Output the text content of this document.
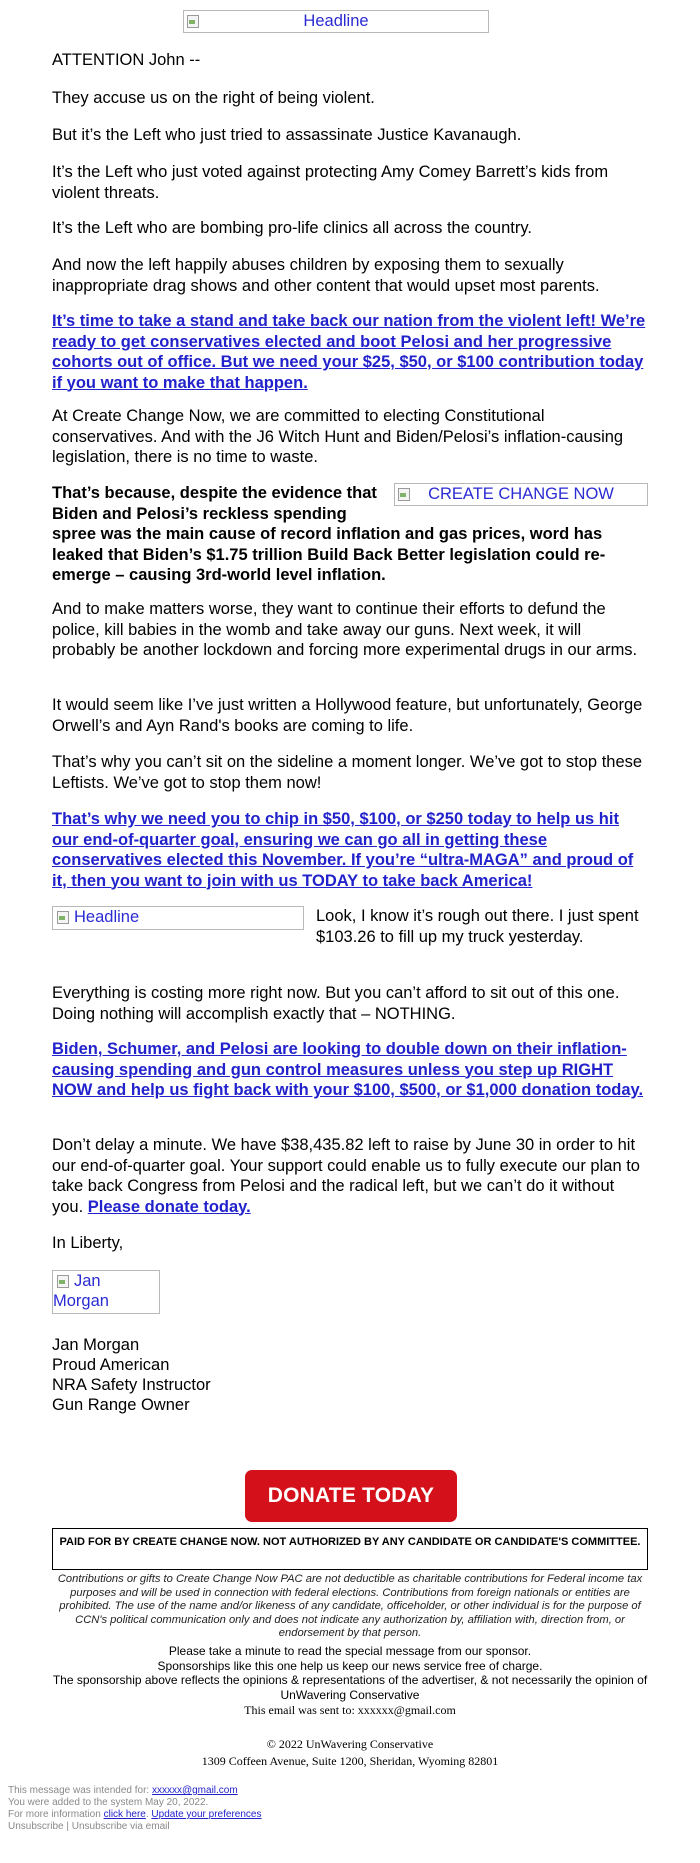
Headline

ATTENTION John --

They accuse us on the right of being violent.

But it’s the Left who just tried to assassinate Justice Kavanaugh.

It’s the Left who just voted against protecting Amy Comey Barrett’s kids from violent threats.

It’s the Left who are bombing pro-life clinics all across the country.

And now the left happily abuses children by exposing them to sexually inappropriate drag shows and other content that would upset most parents.

It’s time to take a stand and take back our nation from the violent left! We’re ready to get conservatives elected and boot Pelosi and her progressive cohorts out of office. But we need your $25, $50, or $100 contribution today if you want to make that happen.

At Create Change Now, we are committed to electing Constitutional conservatives. And with the J6 Witch Hunt and Biden/Pelosi’s inflation-causing legislation, there is no time to waste.

CREATE CHANGE NOW
That’s because, despite the evidence that Biden and Pelosi’s reckless spending spree was the main cause of record inflation and gas prices, word has leaked that Biden’s $1.75 trillion Build Back Better legislation could re-emerge – causing 3rd-world level inflation.

And to make matters worse, they want to continue their efforts to defund the police, kill babies in the womb and take away our guns. Next week, it will probably be another lockdown and forcing more experimental drugs in our arms.

It would seem like I’ve just written a Hollywood feature, but unfortunately, George Orwell’s and Ayn Rand's books are coming to life.

That’s why you can’t sit on the sideline a moment longer. We’ve got to stop these Leftists. We’ve got to stop them now!

That’s why we need you to chip in $50, $100, or $250 today to help us hit our end-of-quarter goal, ensuring we can go all in getting these conservatives elected this November. If you’re “ultra-MAGA” and proud of it, then you want to join with us TODAY to take back America!

Headline	Look, I know it’s rough out there. I just spent $103.26 to fill up my truck yesterday.

Everything is costing more right now. But you can’t afford to sit out of this one. Doing nothing will accomplish exactly that – NOTHING.

Biden, Schumer, and Pelosi are looking to double down on their inflation-causing spending and gun control measures unless you step up RIGHT NOW and help us fight back with your $100, $500, or $1,000 donation today.

Don’t delay a minute. We have $38,435.82 left to raise by June 30 in order to hit our end-of-quarter goal. Your support could enable us to fully execute our plan to take back Congress from Pelosi and the radical left, but we can’t do it without you. Please donate today.

In Liberty,

Jan Morgan

Jan Morgan

Proud American

NRA Safety Instructor

Gun Range Owner

DONATE TODAY
PAID FOR BY CREATE CHANGE NOW. NOT AUTHORIZED BY ANY CANDIDATE OR CANDIDATE'S COMMITTEE.
Contributions or gifts to Create Change Now PAC are not deductible as charitable contributions for Federal income tax purposes and will be used in connection with federal elections. Contributions from foreign nationals or entities are prohibited. The use of the name and/or likeness of any candidate, officeholder, or other individual is for the purpose of CCN's political communication only and does not indicate any authorization by, affiliation with, direction from, or endorsement by that person.
Please take a minute to read the special message from our sponsor.
Sponsorships like this one help us keep our news service free of charge.
The sponsorship above reflects the opinions & representations of the advertiser, & not necessarily the opinion of UnWavering Conservative
This email was sent to: xxxxxx@gmail.com
© 2022 UnWavering Conservative
1309 Coffeen Avenue, Suite 1200, Sheridan, Wyoming 82801
This message was intended for: xxxxxx@gmail.com
You were added to the system May 20, 2022.
For more information click here. Update your preferences
Unsubscribe | Unsubscribe via email
